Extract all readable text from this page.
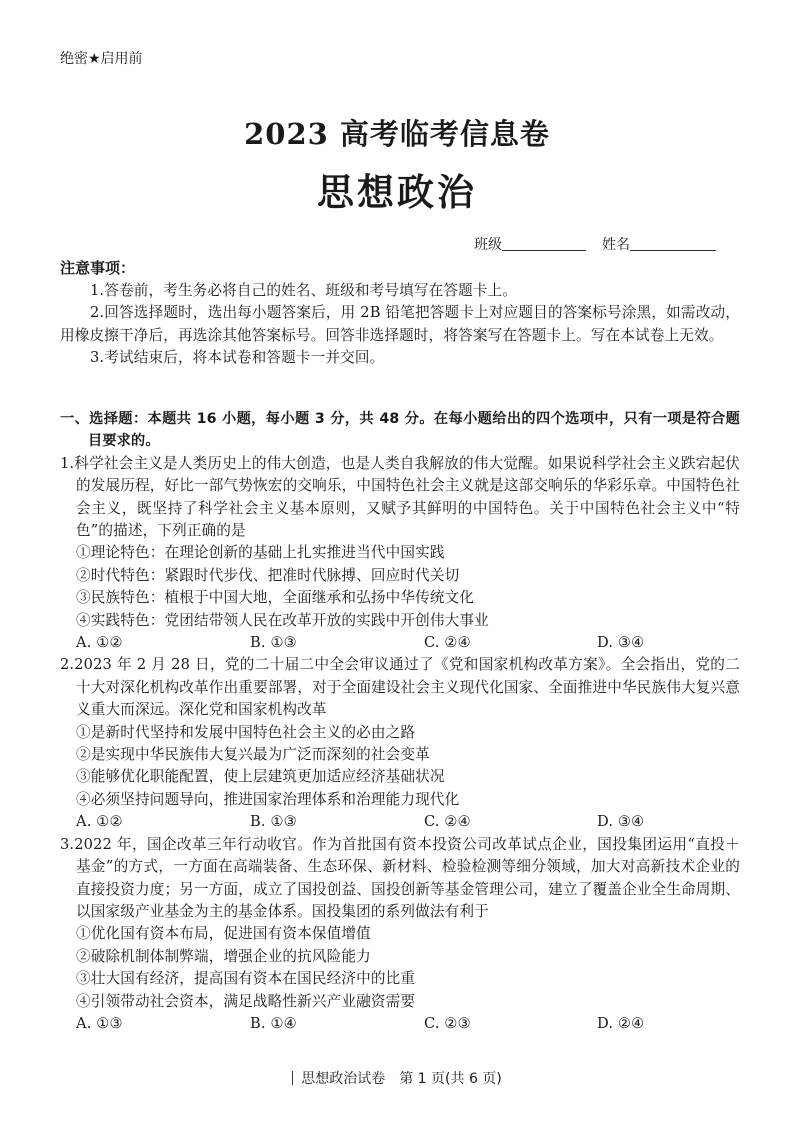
绝密★启用前
2023 高考临考信息卷
思想政治
班级	姓名
注意事项：
1.答卷前，考生务必将自己的姓名、班级和考号填写在答题卡上。
2.回答选择题时，选出每小题答案后，用 2B 铅笔把答题卡上对应题目的答案标号涂黑，如需改动，用橡皮擦干净后，再选涂其他答案标号。回答非选择题时，将答案写在答题卡上。写在本试卷上无效。
3.考试结束后，将本试卷和答题卡一并交回。
一、选择题：本题共 16 小题，每小题 3 分，共 48 分。在每小题给出的四个选项中，只有一项是符合题目要求的。
1.科学社会主义是人类历史上的伟大创造，也是人类自我解放的伟大觉醒。如果说科学社会主义跌宕起伏的发展历程，好比一部气势恢宏的交响乐，中国特色社会主义就是这部交响乐的华彩乐章。中国特色社会主义，既坚持了科学社会主义基本原则，又赋予其鲜明的中国特色。关于中国特色社会主义中“特色”的描述，下列正确的是
①理论特色：在理论创新的基础上扎实推进当代中国实践
②时代特色：紧跟时代步伐、把准时代脉搏、回应时代关切
③民族特色：植根于中国大地，全面继承和弘扬中华传统文化
④实践特色：党团结带领人民在改革开放的实践中开创伟大事业
A. ①②	B. ①③	C. ②④	D. ③④
2.2023 年 2 月 28 日，党的二十届二中全会审议通过了《党和国家机构改革方案》。全会指出，党的二十大对深化机构改革作出重要部署，对于全面建设社会主义现代化国家、全面推进中华民族伟大复兴意义重大而深远。深化党和国家机构改革
①是新时代坚持和发展中国特色社会主义的必由之路
②是实现中华民族伟大复兴最为广泛而深刻的社会变革
③能够优化职能配置，使上层建筑更加适应经济基础状况
④必须坚持问题导向，推进国家治理体系和治理能力现代化
A. ①②	B. ①③	C. ②④	D. ③④
3.2022 年，国企改革三年行动收官。作为首批国有资本投资公司改革试点企业，国投集团运用“直投＋基金”的方式，一方面在高端装备、生态环保、新材料、检验检测等细分领域，加大对高新技术企业的直接投资力度；另一方面，成立了国投创益、国投创新等基金管理公司，建立了覆盖企业全生命周期、以国家级产业基金为主的基金体系。国投集团的系列做法有利于
①优化国有资本布局，促进国有资本保值增值
②破除机制体制弊端，增强企业的抗风险能力
③壮大国有经济，提高国有资本在国民经济中的比重
④引领带动社会资本，满足战略性新兴产业融资需要
A. ①③	B. ①④	C. ②③	D. ②④
思想政治试卷　第 1 页(共 6 页)
